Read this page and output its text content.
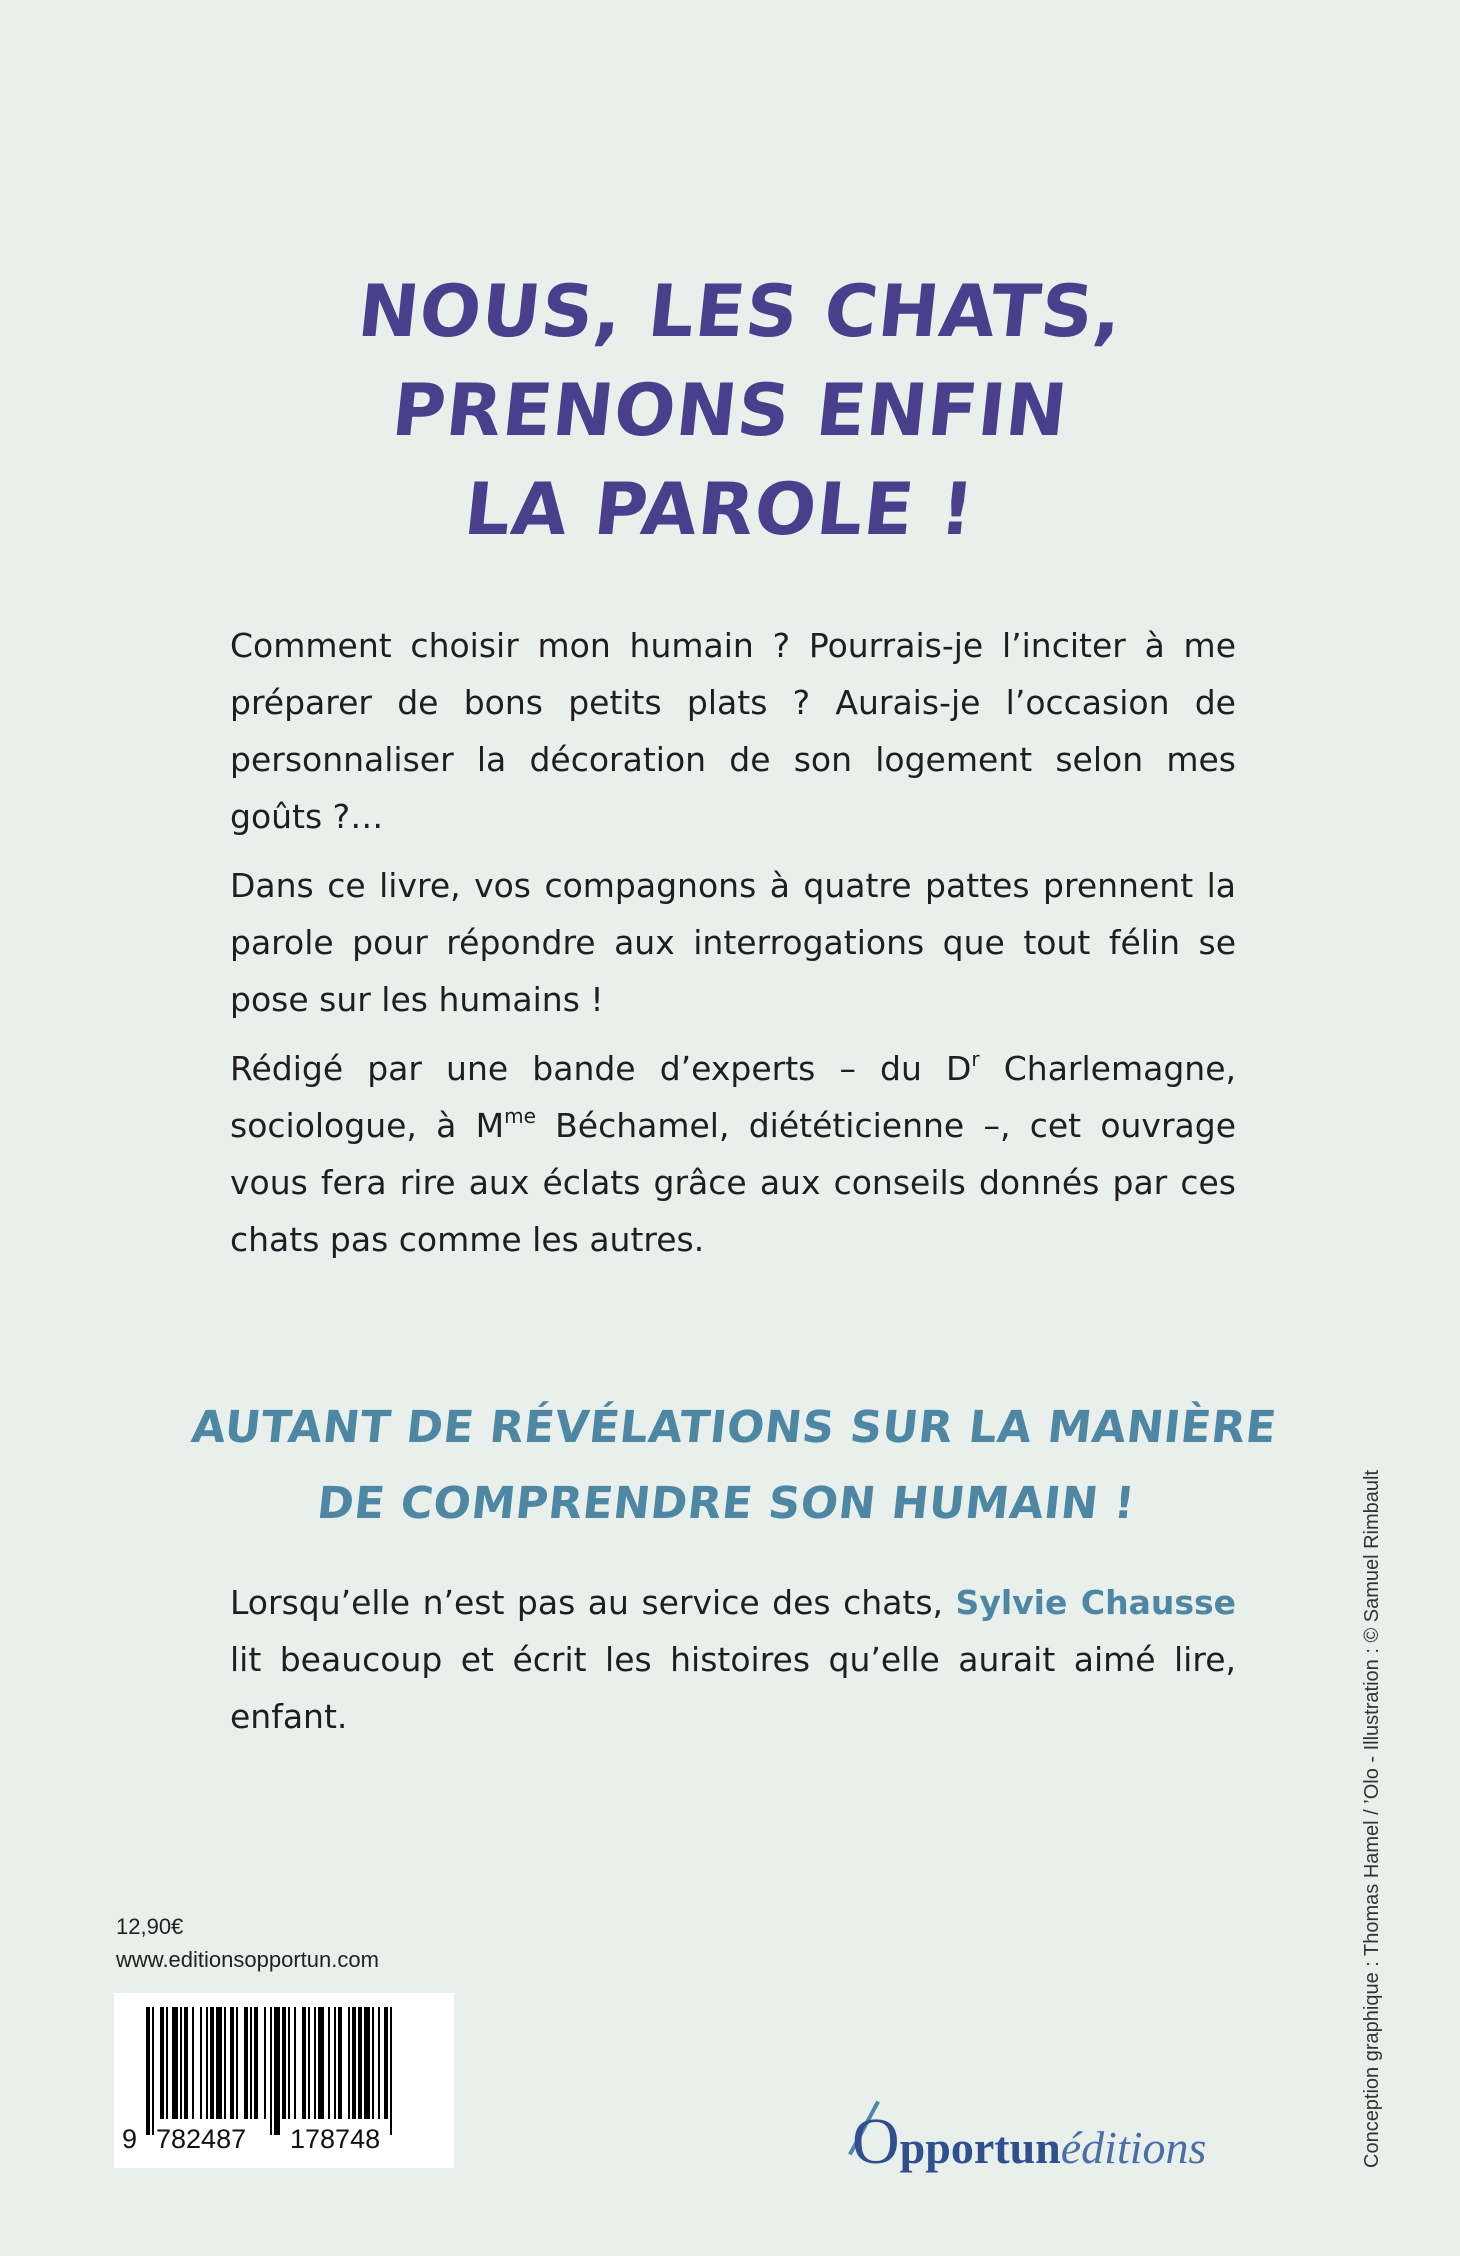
NOUS, LES CHATS,
PRENONS ENFIN
LA PAROLE !

Comment choisir mon humain ? Pourrais-je l’inciter à me préparer de bons petits plats ? Aurais-je l’occasion de personnaliser la décoration de son logement selon mes goûts ?…

Dans ce livre, vos compagnons à quatre pattes prennent la parole pour répondre aux interrogations que tout félin se pose sur les humains !

Rédigé par une bande d’experts – du $D^r$ Charlemagne, sociologue, à $M^{me}$ Béchamel, diététicienne –, cet ouvrage vous fera rire aux éclats grâce aux conseils donnés par ces chats pas comme les autres.

AUTANT DE RÉVÉLATIONS SUR LA MANIÈRE
DE COMPRENDRE SON HUMAIN !

Lorsqu’elle n’est pas au service des chats, Sylvie Chausse lit beaucoup et écrit les histoires qu’elle aurait aimé lire, enfant.

12,90€
www.editionsopportun.com
9 782487 178748	Opportunéditions	Conception graphique : Thomas Hamel / ’Olo - Illustration : © Samuel Rimbault
